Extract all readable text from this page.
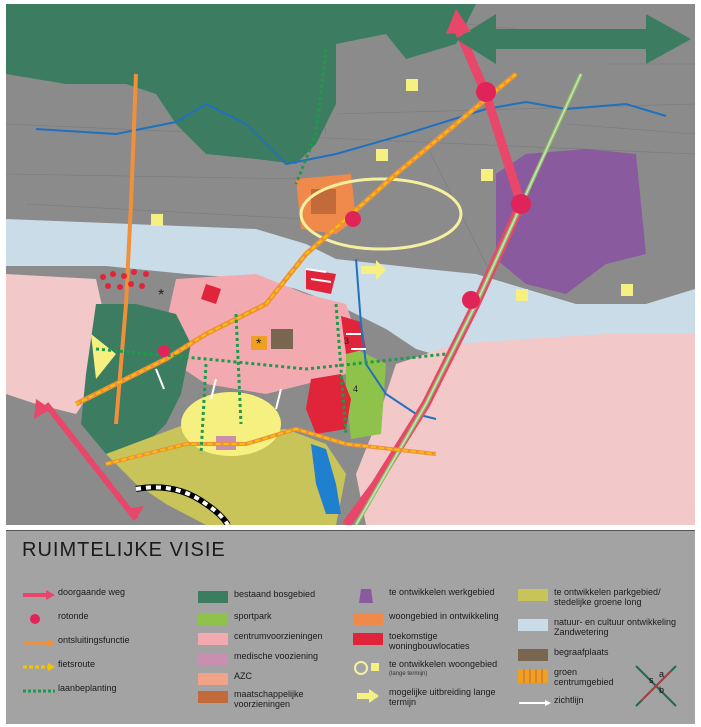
*
*	3
4
RUIMTELIJKE VISIE
doorgaande weg
rotonde
ontsluitingsfunctie
fietsroute
laanbeplanting
bestaand bosgebied
sportpark
centrumvoorzieningen
medische vooziening
AZC
maatschappelijke voorzieningen
te ontwikkelen werkgebied
woongebied in ontwikkeling
toekomstige woningbouwlocaties
te ontwikkelen woongebied
(lange termijn)
mogelijke uitbreiding lange termijn
te ontwikkelen parkgebied/ stedelijke groene long
natuur- en cultuur ontwikkeling Zandwetering
begraafplaats
groen centrumgebied
zichtlijn
s
a
b
